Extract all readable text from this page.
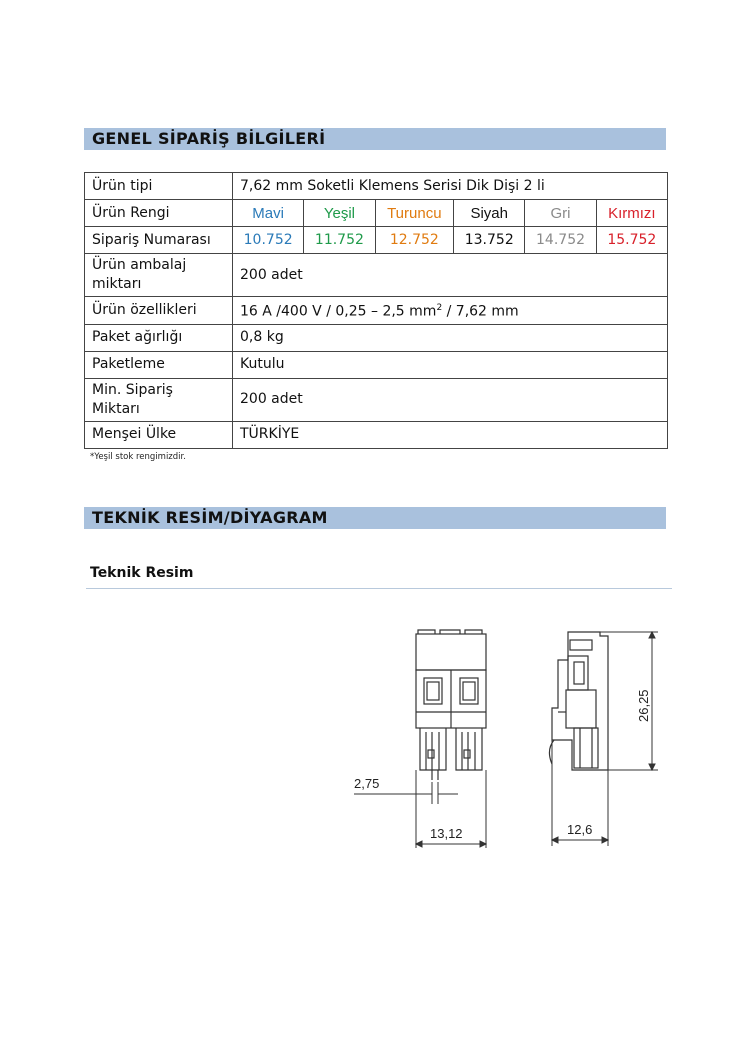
GENEL SİPARİŞ BİLGİLERİ
Ürün tipi	7,62 mm Soketli Klemens Serisi Dik Dişi 2 li					
Ürün Rengi	Mavi	Yeşil	Turuncu	Siyah	Gri	Kırmızı
Sipariş Numarası	10.752	11.752	12.752	13.752	14.752	15.752
Ürün ambalaj
miktarı	200 adet					
Ürün özellikleri	16 A /400 V / 0,25 – 2,5 $mm^2 / 7,62$ mm					
Paket ağırlığı	0,8 kg					
Paketleme	Kutulu					
Min. Sipariş
Miktarı	200 adet					
Menşei Ülke	TÜRKİYE					
*Yeşil stok rengimizdir.
TEKNİK RESİM/DİYAGRAM
Teknik Resim
2,75
13,12	12,6
26,25
